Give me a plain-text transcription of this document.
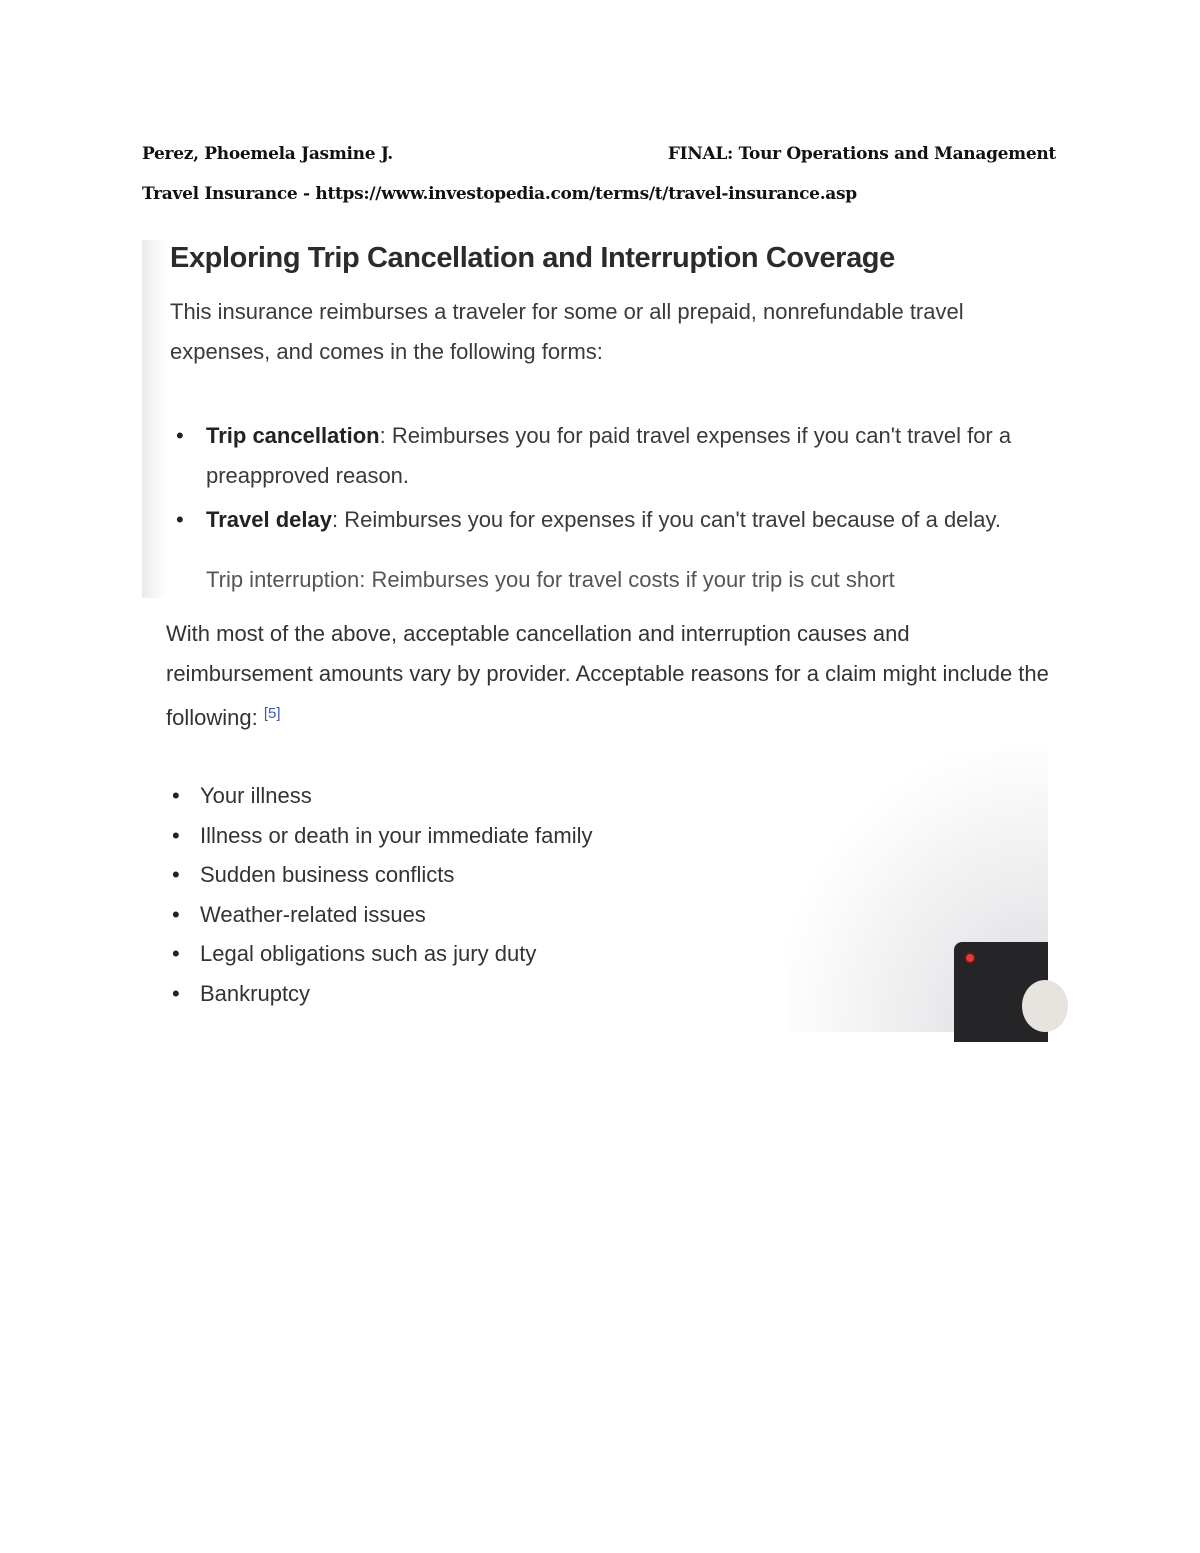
Perez, Phoemela Jasmine J.	FINAL: Tour Operations and Management
Travel Insurance - https://www.investopedia.com/terms/t/travel-insurance.asp
Exploring Trip Cancellation and Interruption Coverage

This insurance reimburses a traveler for some or all prepaid, nonrefundable travel expenses, and comes in the following forms:

• Trip cancellation: Reimburses you for paid travel expenses if you can't travel for a preapproved reason.
• Travel delay: Reimburses you for expenses if you can't travel because of a delay.
Trip interruption: Reimburses you for travel costs if your trip is cut short

With most of the above, acceptable cancellation and interruption causes and reimbursement amounts vary by provider. Acceptable reasons for a claim might include the following: [5]

• Your illness
• Illness or death in your immediate family
• Sudden business conflicts
• Weather-related issues
• Legal obligations such as jury duty
• Bankruptcy
